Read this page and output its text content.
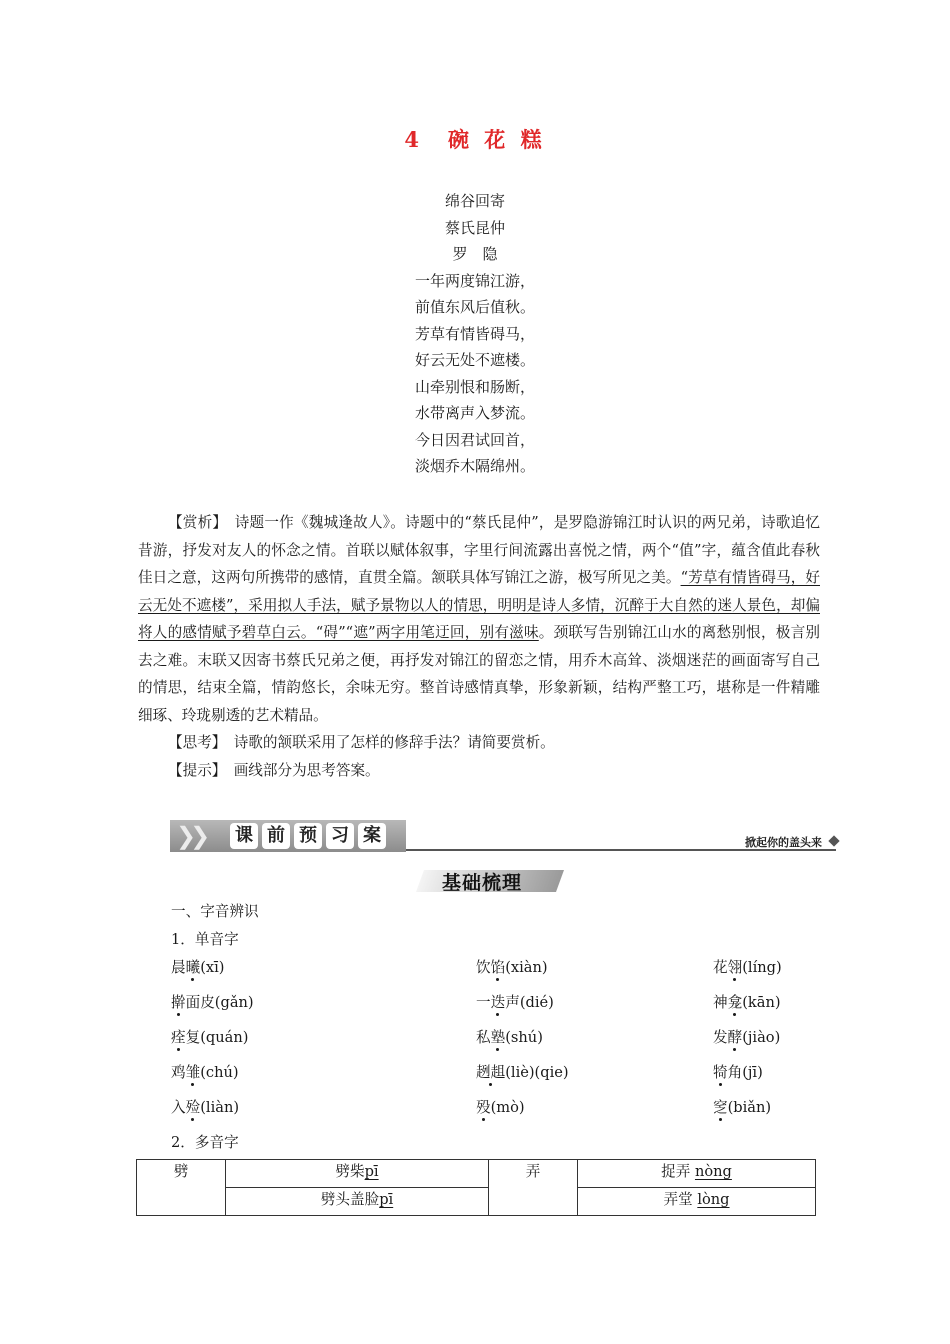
4　碗 花 糕
绵谷回寄
蔡氏昆仲
罗　隐
一年两度锦江游，
前值东风后值秋。
芳草有情皆碍马，
好云无处不遮楼。
山牵别恨和肠断，
水带离声入梦流。
今日因君试回首，
淡烟乔木隔绵州。

【赏析】　 诗题一作《魏城逢故人》。诗题中的“蔡氏昆仲”，是罗隐游锦江时认识的两兄弟，诗歌追忆昔游，抒发对友人的怀念之情。首联以赋体叙事，字里行间流露出喜悦之情，两个“值”字，蕴含值此春秋佳日之意，这两句所携带的感情，直贯全篇。颔联具体写锦江之游，极写所见之美。“芳草有情皆碍马，好云无处不遮楼”，采用拟人手法，赋予景物以人的情思，明明是诗人多情，沉醉于大自然的迷人景色，却偏将人的感情赋予碧草白云。“碍”“遮”两字用笔迂回，别有滋味。颈联写告别锦江山水的离愁别恨，极言别去之难。末联又因寄书蔡氏兄弟之便，再抒发对锦江的留恋之情，用乔木高耸、淡烟迷茫的画面寄写自己的情思，结束全篇，情韵悠长，余味无穷。整首诗感情真挚，形象新颖，结构严整工巧，堪称是一件精雕细琢、玲珑剔透的艺术精品。

【思考】　 诗歌的颔联采用了怎样的修辞手法？请简要赏析。

【提示】　 画线部分为思考答案。

❯❯ 课 前 预 习 案	掀起你的盖头来
基础梳理
一、字音辨识
1．单音字
晨曦(xī)	饮馅(xiàn)	花翎(líng)
擀面皮(gǎn)	一迭声(dié)	神龛(kān)
痊复(quán)	私塾(shú)	发酵(jiào)
鸡雏(chú)	趔趄(liè)(qie)	犄角(jī)
入殓(liàn)	殁(mò)	窆(biǎn)
2．多音字
劈	劈柴pī	弄	捉弄 nòng
	劈头盖脸pī		弄堂 lòng
